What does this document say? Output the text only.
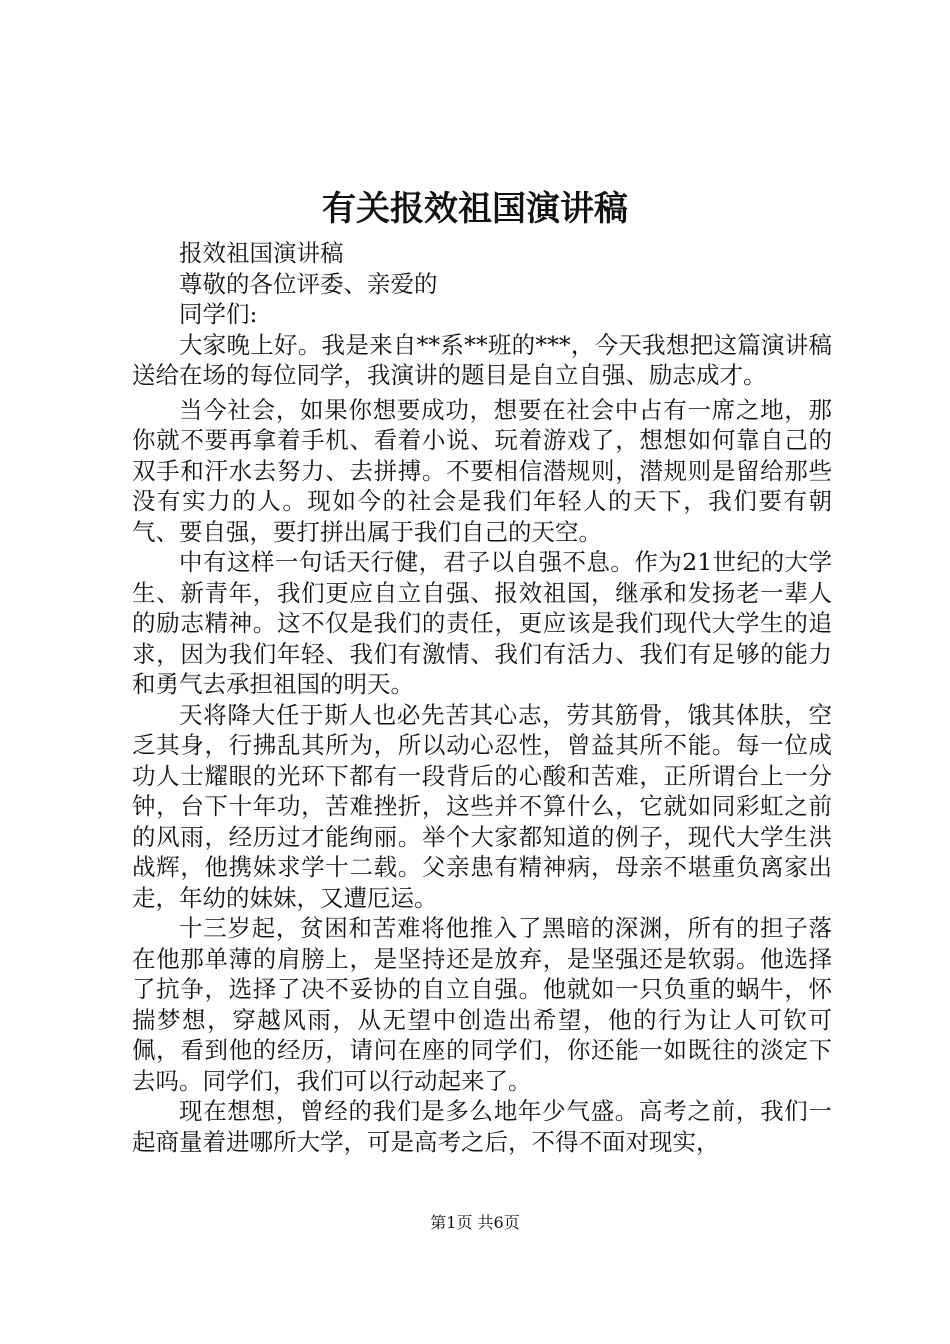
有关报效祖国演讲稿

报效祖国演讲稿

尊敬的各位评委、亲爱的

同学们:

大家晚上好。我是来自**系**班的***，今天我想把这篇演讲稿送给在场的每位同学，我演讲的题目是自立自强、励志成才。

当今社会，如果你想要成功，想要在社会中占有一席之地，那你就不要再拿着手机、看着小说、玩着游戏了，想想如何靠自己的双手和汗水去努力、去拼搏。不要相信潜规则，潜规则是留给那些没有实力的人。现如今的社会是我们年轻人的天下，我们要有朝气、要自强，要打拼出属于我们自己的天空。

中有这样一句话天行健，君子以自强不息。作为21世纪的大学生、新青年，我们更应自立自强、报效祖国，继承和发扬老一辈人的励志精神。这不仅是我们的责任，更应该是我们现代大学生的追求，因为我们年轻、我们有激情、我们有活力、我们有足够的能力和勇气去承担祖国的明天。

天将降大任于斯人也必先苦其心志，劳其筋骨，饿其体肤，空乏其身，行拂乱其所为，所以动心忍性，曾益其所不能。每一位成功人士耀眼的光环下都有一段背后的心酸和苦难，正所谓台上一分钟，台下十年功，苦难挫折，这些并不算什么，它就如同彩虹之前的风雨，经历过才能绚丽。举个大家都知道的例子，现代大学生洪战辉，他携妹求学十二载。父亲患有精神病，母亲不堪重负离家出走，年幼的妹妹，又遭厄运。

十三岁起，贫困和苦难将他推入了黑暗的深渊，所有的担子落在他那单薄的肩膀上，是坚持还是放弃，是坚强还是软弱。他选择了抗争，选择了决不妥协的自立自强。他就如一只负重的蜗牛，怀揣梦想，穿越风雨，从无望中创造出希望，他的行为让人可钦可佩，看到他的经历，请问在座的同学们，你还能一如既往的淡定下去吗。同学们，我们可以行动起来了。

现在想想，曾经的我们是多么地年少气盛。高考之前，我们一起商量着进哪所大学，可是高考之后，不得不面对现实，

第1页 共6页
